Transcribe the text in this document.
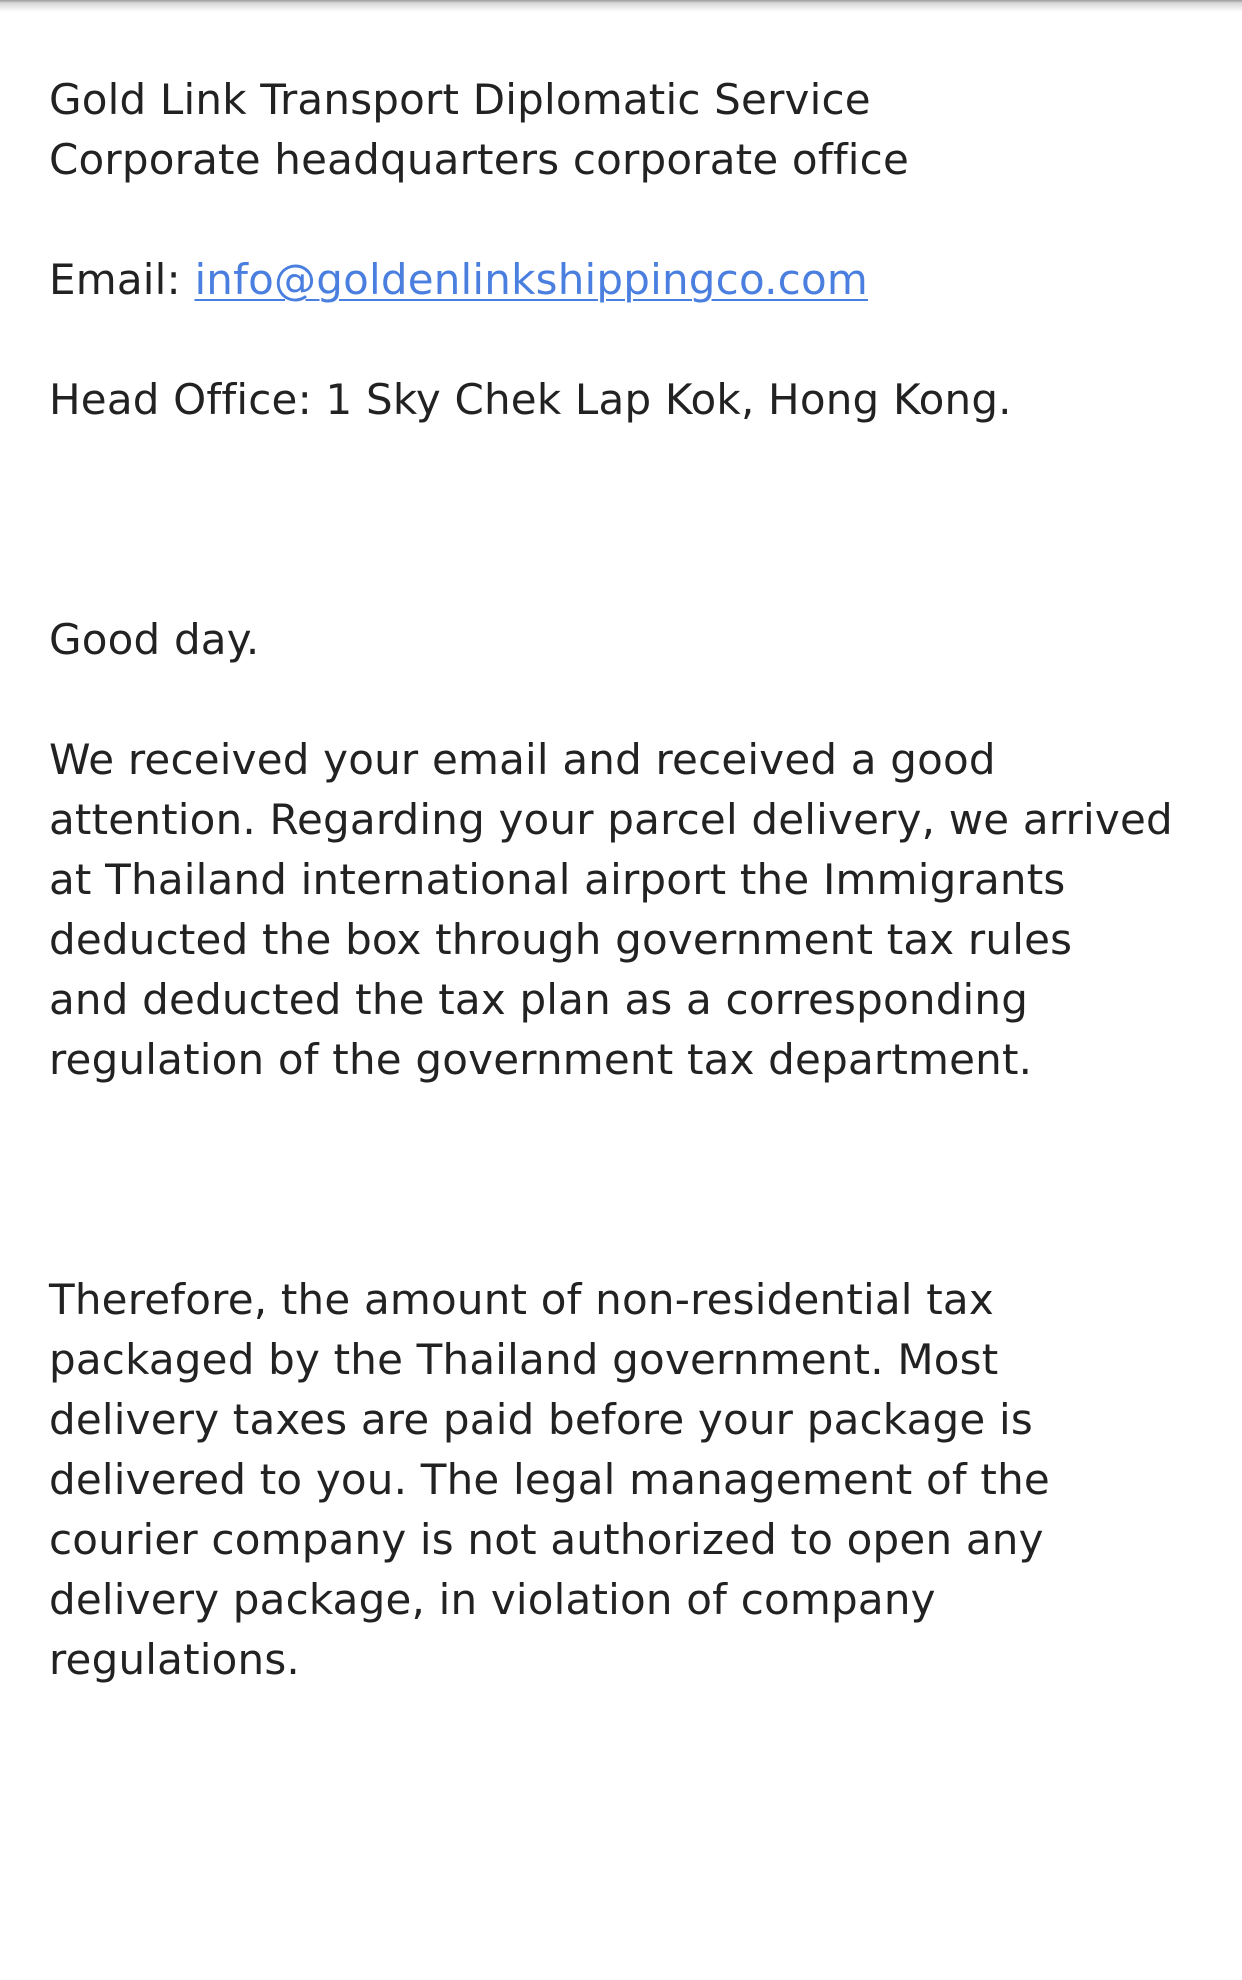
Gold Link Transport Diplomatic Service
Corporate headquarters corporate office
Email: info@goldenlinkshippingco.com
Head Office: 1 Sky Chek Lap Kok, Hong Kong.
Good day.
We received your email and received a good
attention. Regarding your parcel delivery, we arrived
at Thailand international airport the Immigrants
deducted the box through government tax rules
and deducted the tax plan as a corresponding
regulation of the government tax department.
Therefore, the amount of non-residential tax
packaged by the Thailand government. Most
delivery taxes are paid before your package is
delivered to you. The legal management of the
courier company is not authorized to open any
delivery package, in violation of company
regulations.
